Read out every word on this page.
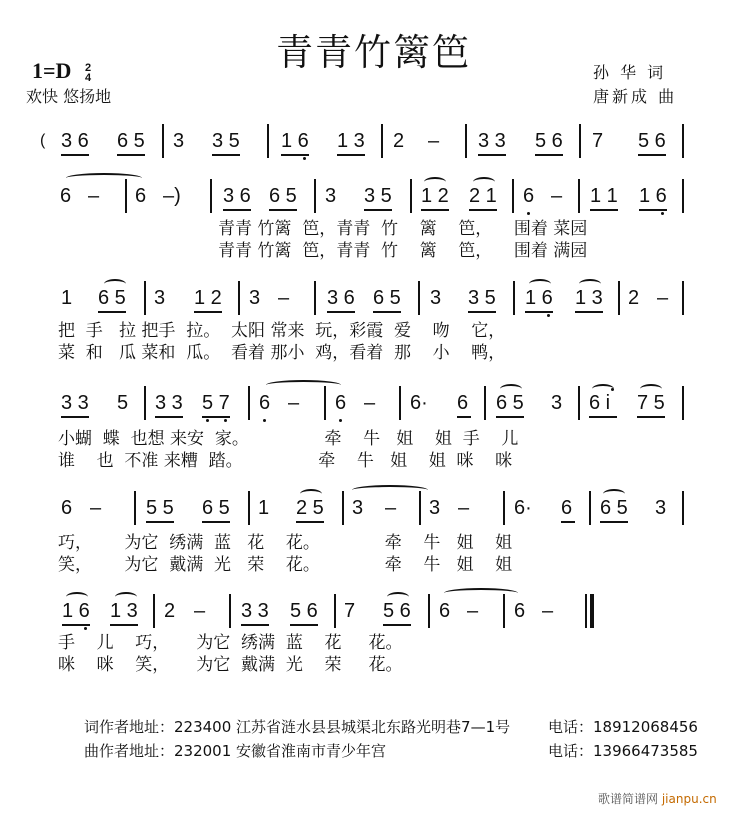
青青竹篱笆
1=D 2
4
欢快 悠扬地
孙 华 词
唐新成 曲
( 3 6 6 5 3 3 5 1 6 1 3 2 – 3 3 5 6 7 5 6
6 – 6 –) 3 6 6 5 3 3 5 1 2 2 1 6 – 1 1 1 6
青青 竹篱  笆，青青  竹    篱    笆，    围着 菜园
青青 竹篱  笆，青青  竹    篱    笆，    围着 满园
1 6 5 3 1 2 3 – 3 6 6 5 3 3 5 1 6 1 3 2 –
把  手   拉 把手  拉。  太阳 常来  玩，彩霞  爱    吻    它，
菜  和   瓜 菜和  瓜。  看着 那小  鸡，看着  那    小    鸭，
3 3 5 3 3 5 7 6 – 6 – 6· 6 6 5 3 6 i 7 5
小蝴  蝶  也想 来安  家。              牵    牛   姐    姐  手    儿
谁    也  不准 来糟  踏。              牵    牛   姐    姐  咪    咪
6 – 5 5 6 5 1 2 5 3 – 3 – 6· 6 6 5 3
巧，      为它  绣满  蓝   花    花。            牵    牛   姐    姐
笑，      为它  戴满  光   荣    花。            牵    牛   姐    姐
1 6 1 3 2 – 3 3 5 6 7 5 6 6 – 6 –
手    儿    巧，     为它  绣满  蓝    花     花。
咪    咪    笑，     为它  戴满  光    荣     花。
词作者地址：223400 江苏省涟水县县城渠北东路光明巷7—1号	电话：18912068456
曲作者地址：232001 安徽省淮南市青少年宫	电话：13966473585
歌谱简谱网 jianpu.cn
